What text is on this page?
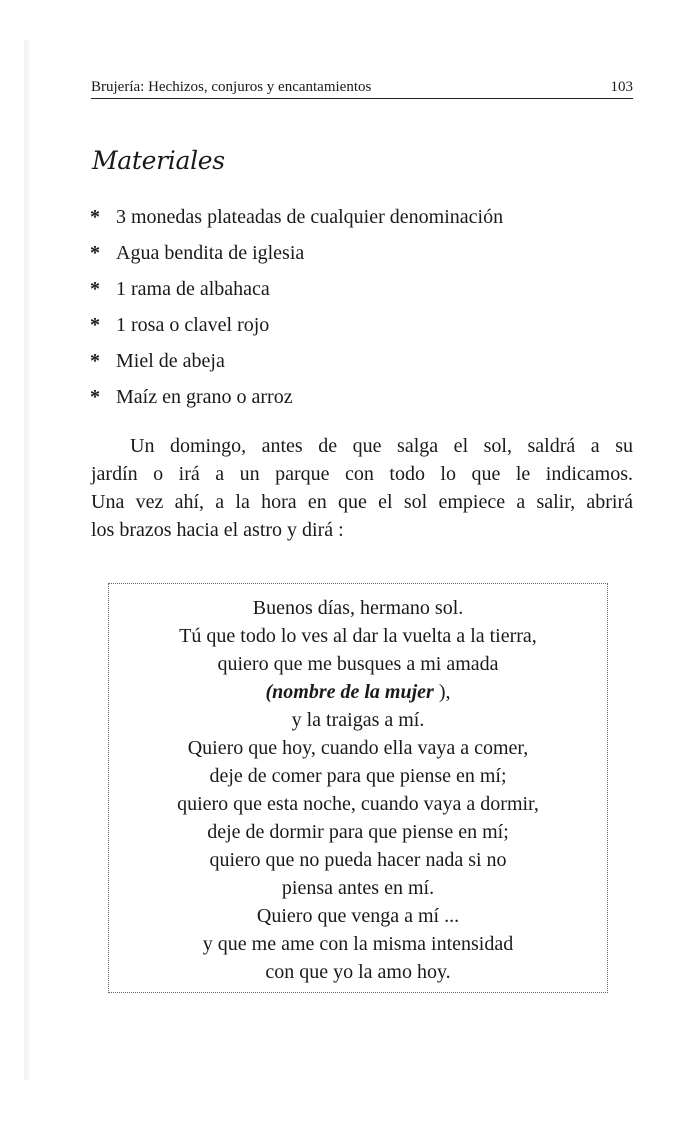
Brujería: Hechizos, conjuros y encantamientos	103
Materiales
* 3 monedas plateadas de cualquier denominación
* Agua bendita de iglesia
* 1 rama de albahaca
* 1 rosa o clavel rojo
* Miel de abeja
* Maíz en grano o arroz
Un domingo, antes de que salga el sol, saldrá a su
jardín o irá a un parque con todo lo que le indicamos.
Una vez ahí, a la hora en que el sol empiece a salir, abrirá
los brazos hacia el astro y dirá :
Buenos días, hermano sol.
Tú que todo lo ves al dar la vuelta a la tierra,
quiero que me busques a mi amada
(nombre de la mujer ),
y la traigas a mí.
Quiero que hoy, cuando ella vaya a comer,
deje de comer para que piense en mí;
quiero que esta noche, cuando vaya a dormir,
deje de dormir para que piense en mí;
quiero que no pueda hacer nada si no
piensa antes en mí.
Quiero que venga a mí ...
y que me ame con la misma intensidad
con que yo la amo hoy.
